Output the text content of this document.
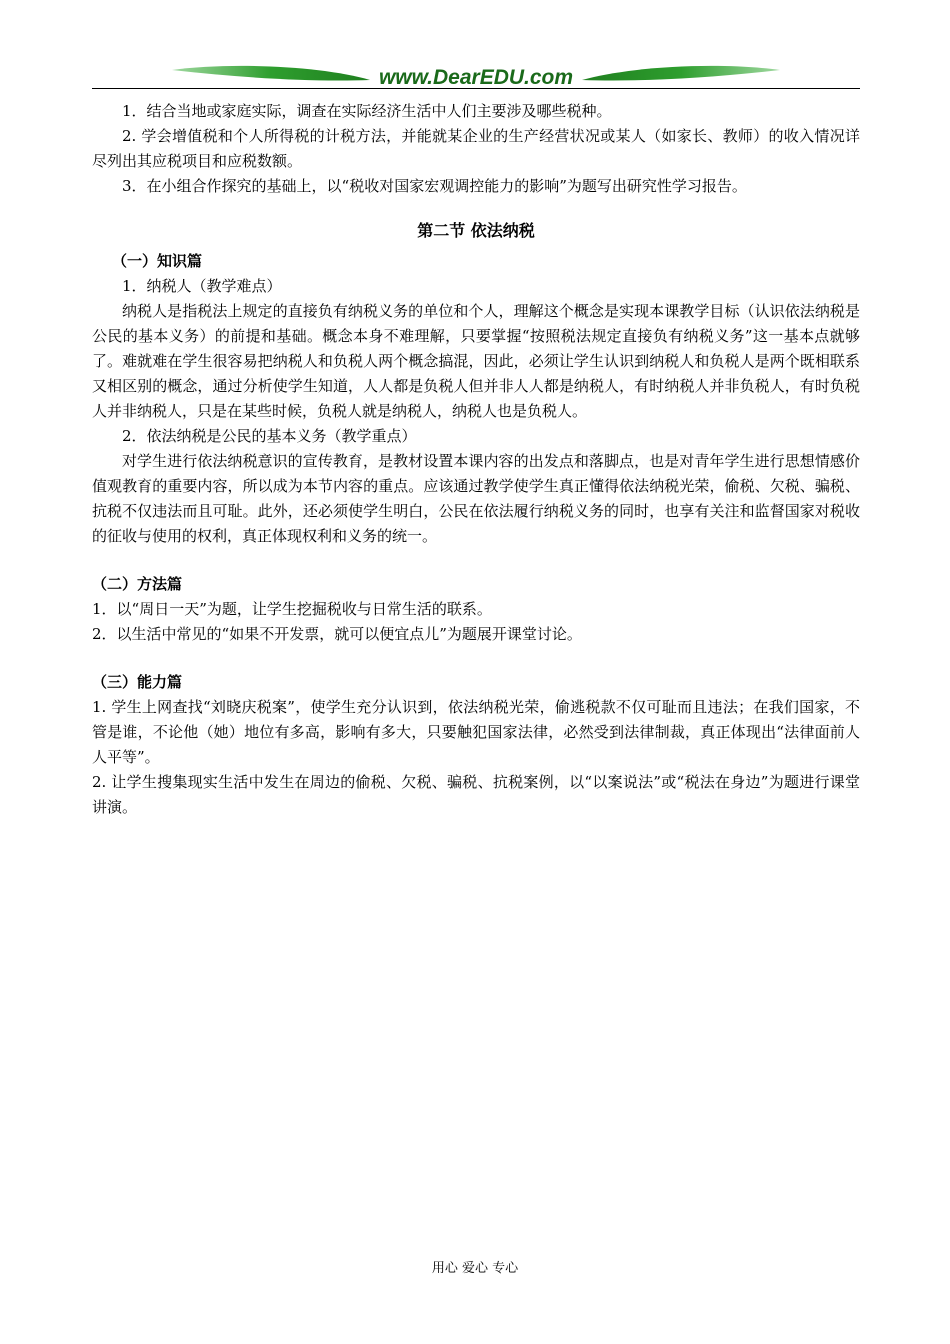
www.DearEDU.com

1．结合当地或家庭实际，调查在实际经济生活中人们主要涉及哪些税种。

2. 学会增值税和个人所得税的计税方法，并能就某企业的生产经营状况或某人（如家长、教师）的收入情况详尽列出其应税项目和应税数额。

3．在小组合作探究的基础上，以“税收对国家宏观调控能力的影响”为题写出研究性学习报告。

第二节 依法纳税

（一）知识篇

1．纳税人（教学难点）

纳税人是指税法上规定的直接负有纳税义务的单位和个人，理解这个概念是实现本课教学目标（认识依法纳税是公民的基本义务）的前提和基础。概念本身不难理解，只要掌握“按照税法规定直接负有纳税义务”这一基本点就够了。难就难在学生很容易把纳税人和负税人两个概念搞混，因此，必须让学生认识到纳税人和负税人是两个既相联系又相区别的概念，通过分析使学生知道，人人都是负税人但并非人人都是纳税人，有时纳税人并非负税人，有时负税人并非纳税人，只是在某些时候，负税人就是纳税人，纳税人也是负税人。

2．依法纳税是公民的基本义务（教学重点）

对学生进行依法纳税意识的宣传教育，是教材设置本课内容的出发点和落脚点，也是对青年学生进行思想情感价值观教育的重要内容，所以成为本节内容的重点。应该通过教学使学生真正懂得依法纳税光荣，偷税、欠税、骗税、抗税不仅违法而且可耻。此外，还必须使学生明白，公民在依法履行纳税义务的同时，也享有关注和监督国家对税收的征收与使用的权利，真正体现权利和义务的统一。

（二）方法篇

1．以“周日一天”为题，让学生挖掘税收与日常生活的联系。

2．以生活中常见的“如果不开发票，就可以便宜点儿”为题展开课堂讨论。

（三）能力篇

1. 学生上网查找“刘晓庆税案”，使学生充分认识到，依法纳税光荣，偷逃税款不仅可耻而且违法；在我们国家，不管是谁，不论他（她）地位有多高，影响有多大，只要触犯国家法律，必然受到法律制裁，真正体现出“法律面前人人平等”。

2. 让学生搜集现实生活中发生在周边的偷税、欠税、骗税、抗税案例，以“以案说法”或“税法在身边”为题进行课堂讲演。

用心 爱心 专心
